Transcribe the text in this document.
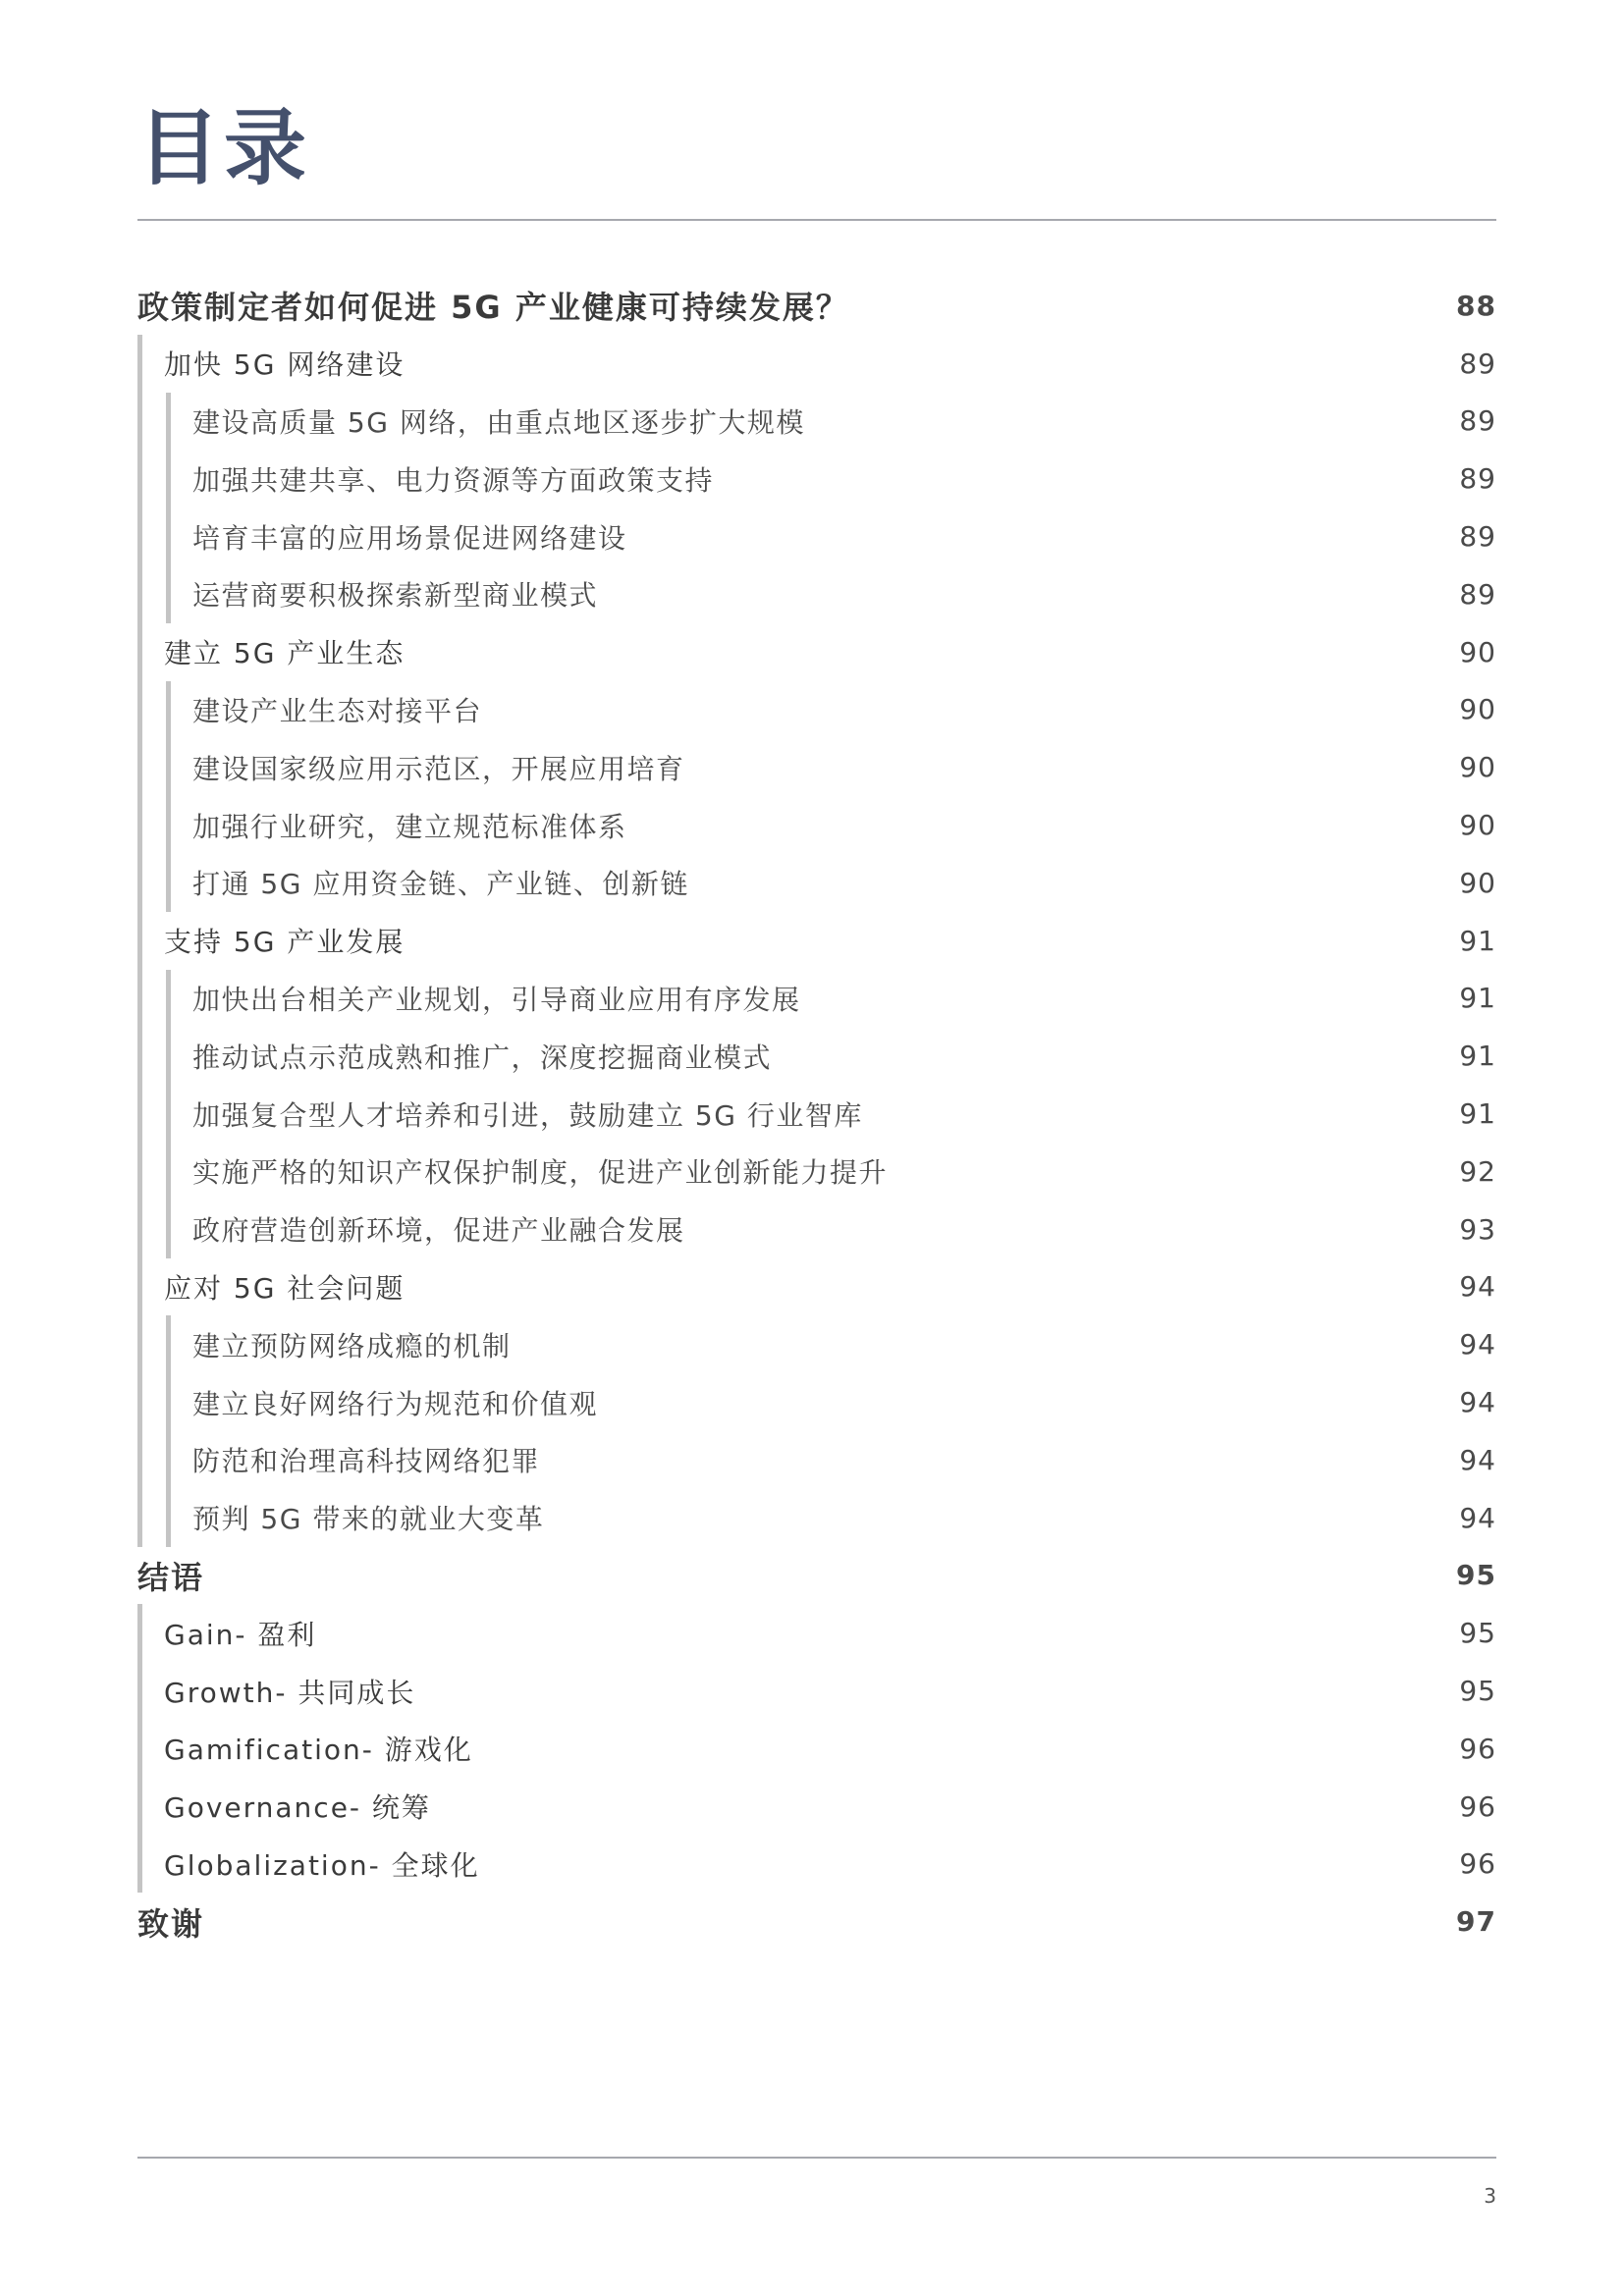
目录
政策制定者如何促进 5G 产业健康可持续发展？	88
加快 5G 网络建设	89
建设高质量 5G 网络，由重点地区逐步扩大规模	89
加强共建共享、电力资源等方面政策支持	89
培育丰富的应用场景促进网络建设	89
运营商要积极探索新型商业模式	89
建立 5G 产业生态	90
建设产业生态对接平台	90
建设国家级应用示范区，开展应用培育	90
加强行业研究，建立规范标准体系	90
打通 5G 应用资金链、产业链、创新链	90
支持 5G 产业发展	91
加快出台相关产业规划，引导商业应用有序发展	91
推动试点示范成熟和推广，深度挖掘商业模式	91
加强复合型人才培养和引进，鼓励建立 5G 行业智库	91
实施严格的知识产权保护制度，促进产业创新能力提升	92
政府营造创新环境，促进产业融合发展	93
应对 5G 社会问题	94
建立预防网络成瘾的机制	94
建立良好网络行为规范和价值观	94
防范和治理高科技网络犯罪	94
预判 5G 带来的就业大变革	94
结语	95
Gain- 盈利	95
Growth- 共同成长	95
Gamification- 游戏化	96
Governance- 统筹	96
Globalization- 全球化	96
致谢	97
3
